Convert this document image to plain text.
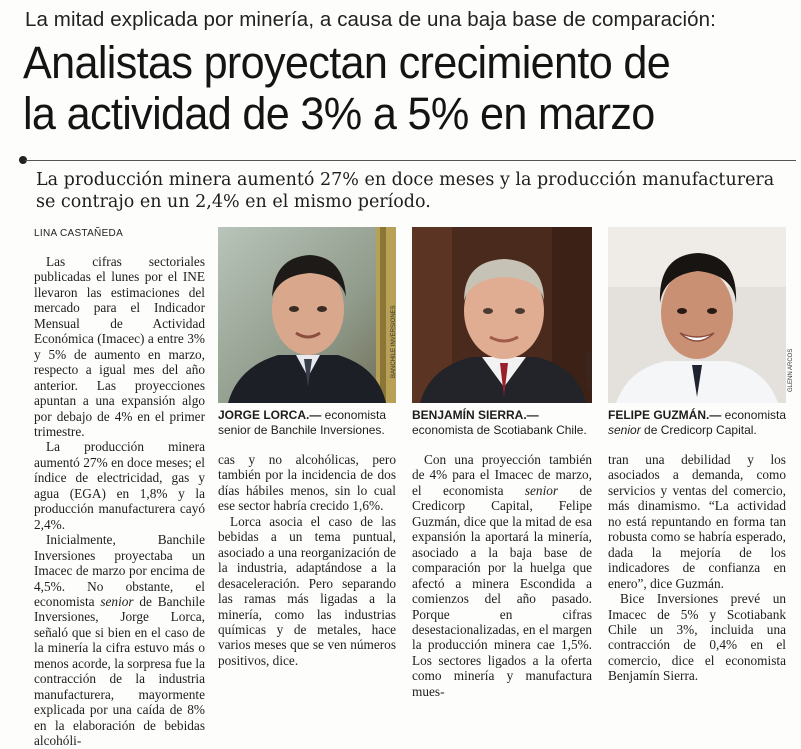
La mitad explicada por minería, a causa de una baja base de comparación:
Analistas proyectan crecimiento de
la actividad de 3% a 5% en marzo
La producción minera aumentó 27% en doce meses y la producción manufacturera se contrajo en un 2,4% en el mismo período.
LINA CASTAÑEDA

Las cifras sectoriales publicadas el lunes por el INE llevaron las estimaciones del mercado para el Indicador Mensual de Actividad Económica (Imacec) a entre 3% y 5% de aumento en marzo, respecto a igual mes del año anterior. Las proyecciones apuntan a una expansión algo por debajo de 4% en el primer trimestre.

La producción minera aumentó 27% en doce meses; el índice de electricidad, gas y agua (EGA) en 1,8% y la producción manufacturera cayó 2,4%.

Inicialmente, Banchile Inversiones proyectaba un Imacec de marzo por encima de 4,5%. No obstante, el economista senior de Banchile Inversiones, Jorge Lorca, señaló que si bien en el caso de la minería la cifra estuvo más o menos acorde, la sorpresa fue la contracción de la industria manufacturera, mayormente explicada por una caída de 8% en la elaboración de bebidas alcohóli-

BANCHILE INVERSIONES	SCOTIABANK	GLENN ARCOS
JORGE LORCA.— economista senior de Banchile Inversiones.
BENJAMÍN SIERRA.— economista de Scotiabank Chile.
FELIPE GUZMÁN.— economista senior de Credicorp Capital.

cas y no alcohólicas, pero también por la incidencia de dos días hábiles menos, sin lo cual ese sector habría crecido 1,6%.

Lorca asocia el caso de las bebidas a un tema puntual, asociado a una reorganización de la industria, adaptándose a la desaceleración. Pero separando las ramas más ligadas a la minería, como las industrias químicas y de metales, hace varios meses que se ven números positivos, dice.

Con una proyección también de 4% para el Imacec de marzo, el economista senior de Credicorp Capital, Felipe Guzmán, dice que la mitad de esa expansión la aportará la minería, asociado a la baja base de comparación por la huelga que afectó a minera Escondida a comienzos del año pasado. Porque en cifras desestacionalizadas, en el margen la producción minera cae 1,5%. Los sectores ligados a la oferta como minería y manufactura mues-

tran una debilidad y los asociados a demanda, como servicios y ventas del comercio, más dinamismo. “La actividad no está repuntando en forma tan robusta como se habría esperado, dada la mejoría de los indicadores de confianza en enero”, dice Guzmán.

Bice Inversiones prevé un Imacec de 5% y Scotiabank Chile un 3%, incluida una contracción de 0,4% en el comercio, dice el economista Benjamín Sierra.
